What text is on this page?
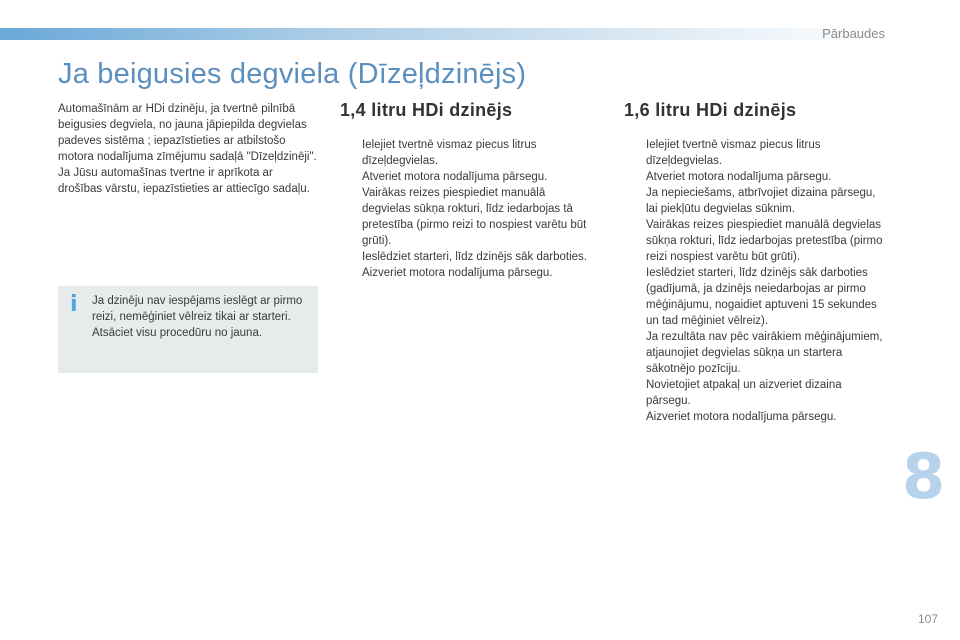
Pārbaudes
Ja beigusies degviela (Dīzeļdzinējs)

Automašīnām ar HDi dzinēju, ja tvertnē pilnībā beigusies degviela, no jauna jāpiepilda degvielas padeves sistēma ; iepazīstieties ar atbilstošo motora nodalījuma zīmējumu sadaļā "Dīzeļdzinēji".

Ja Jūsu automašīnas tvertne ir aprīkota ar drošības vārstu, iepazīstieties ar attiecīgo sadaļu.

i Ja dzinēju nav iespējams ieslēgt ar pirmo reizi, nemēģiniet vēlreiz tikai ar starteri. Atsāciet visu procedūru no jauna.
1,4 litru HDi dzinējs
Ielejiet tvertnē vismaz piecus litrus dīzeļdegvielas.
Atveriet motora nodalījuma pārsegu.
Vairākas reizes piespiediet manuālā degvielas sūkņa rokturi, līdz iedarbojas tā pretestība (pirmo reizi to nospiest varētu būt grūti).
Ieslēdziet starteri, līdz dzinējs sāk darboties.
Aizveriet motora nodalījuma pārsegu.
1,6 litru HDi dzinējs
Ielejiet tvertnē vismaz piecus litrus dīzeļdegvielas.
Atveriet motora nodalījuma pārsegu.
Ja nepieciešams, atbrīvojiet dizaina pārsegu, lai piekļūtu degvielas sūknim.
Vairākas reizes piespiediet manuālā degvielas sūkņa rokturi, līdz iedarbojas pretestība (pirmo reizi nospiest varētu būt grūti).
Ieslēdziet starteri, līdz dzinējs sāk darboties (gadījumā, ja dzinējs neiedarbojas ar pirmo mēģinājumu, nogaidiet aptuveni 15 sekundes un tad mēģiniet vēlreiz).
Ja rezultāta nav pēc vairākiem mēģinājumiem, atjaunojiet degvielas sūkņa un startera sākotnējo pozīciju.
Novietojiet atpakaļ un aizveriet dizaina pārsegu.
Aizveriet motora nodalījuma pārsegu.
8
107
